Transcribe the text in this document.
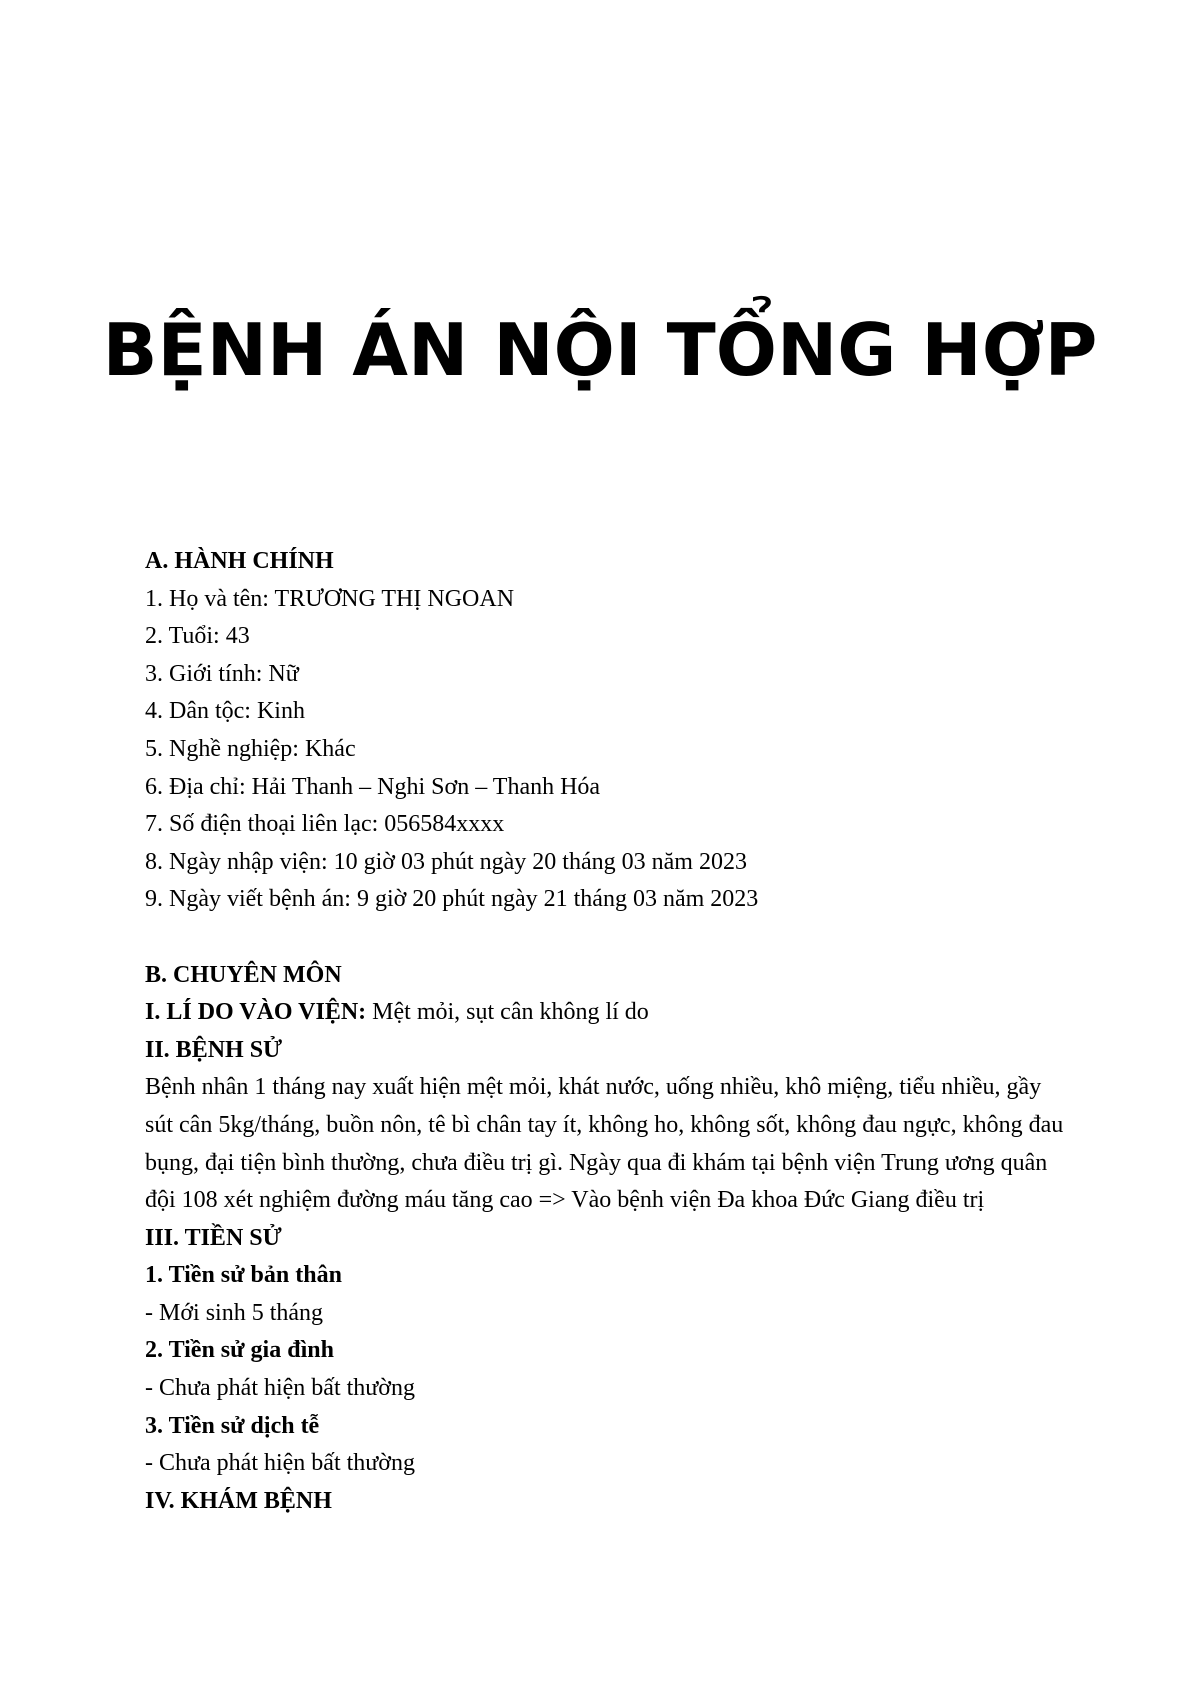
BỆNH ÁN NỘI TỔNG HỢP

A. HÀNH CHÍNH

1. Họ và tên: TRƯƠNG THỊ NGOAN

2. Tuổi: 43

3. Giới tính: Nữ

4. Dân tộc: Kinh

5. Nghề nghiệp: Khác

6. Địa chỉ: Hải Thanh – Nghi Sơn – Thanh Hóa

7. Số điện thoại liên lạc: 056584xxxx

8. Ngày nhập viện: 10 giờ 03 phút ngày 20 tháng 03 năm 2023

9. Ngày viết bệnh án: 9 giờ 20 phút ngày 21 tháng 03 năm 2023

B. CHUYÊN MÔN

I. LÍ DO VÀO VIỆN: Mệt mỏi, sụt cân không lí do

II. BỆNH SỬ

Bệnh nhân 1 tháng nay xuất hiện mệt mỏi, khát nước, uống nhiều, khô miệng, tiểu nhiều, gầy sút cân 5kg/tháng, buồn nôn, tê bì chân tay ít, không ho, không sốt, không đau ngực, không đau bụng, đại tiện bình thường, chưa điều trị gì. Ngày qua đi khám tại bệnh viện Trung ương quân đội 108 xét nghiệm đường máu tăng cao => Vào bệnh viện Đa khoa Đức Giang điều trị

III. TIỀN SỬ

1. Tiền sử bản thân

- Mới sinh 5 tháng

2. Tiền sử gia đình

- Chưa phát hiện bất thường

3. Tiền sử dịch tễ

- Chưa phát hiện bất thường

IV. KHÁM BỆNH
